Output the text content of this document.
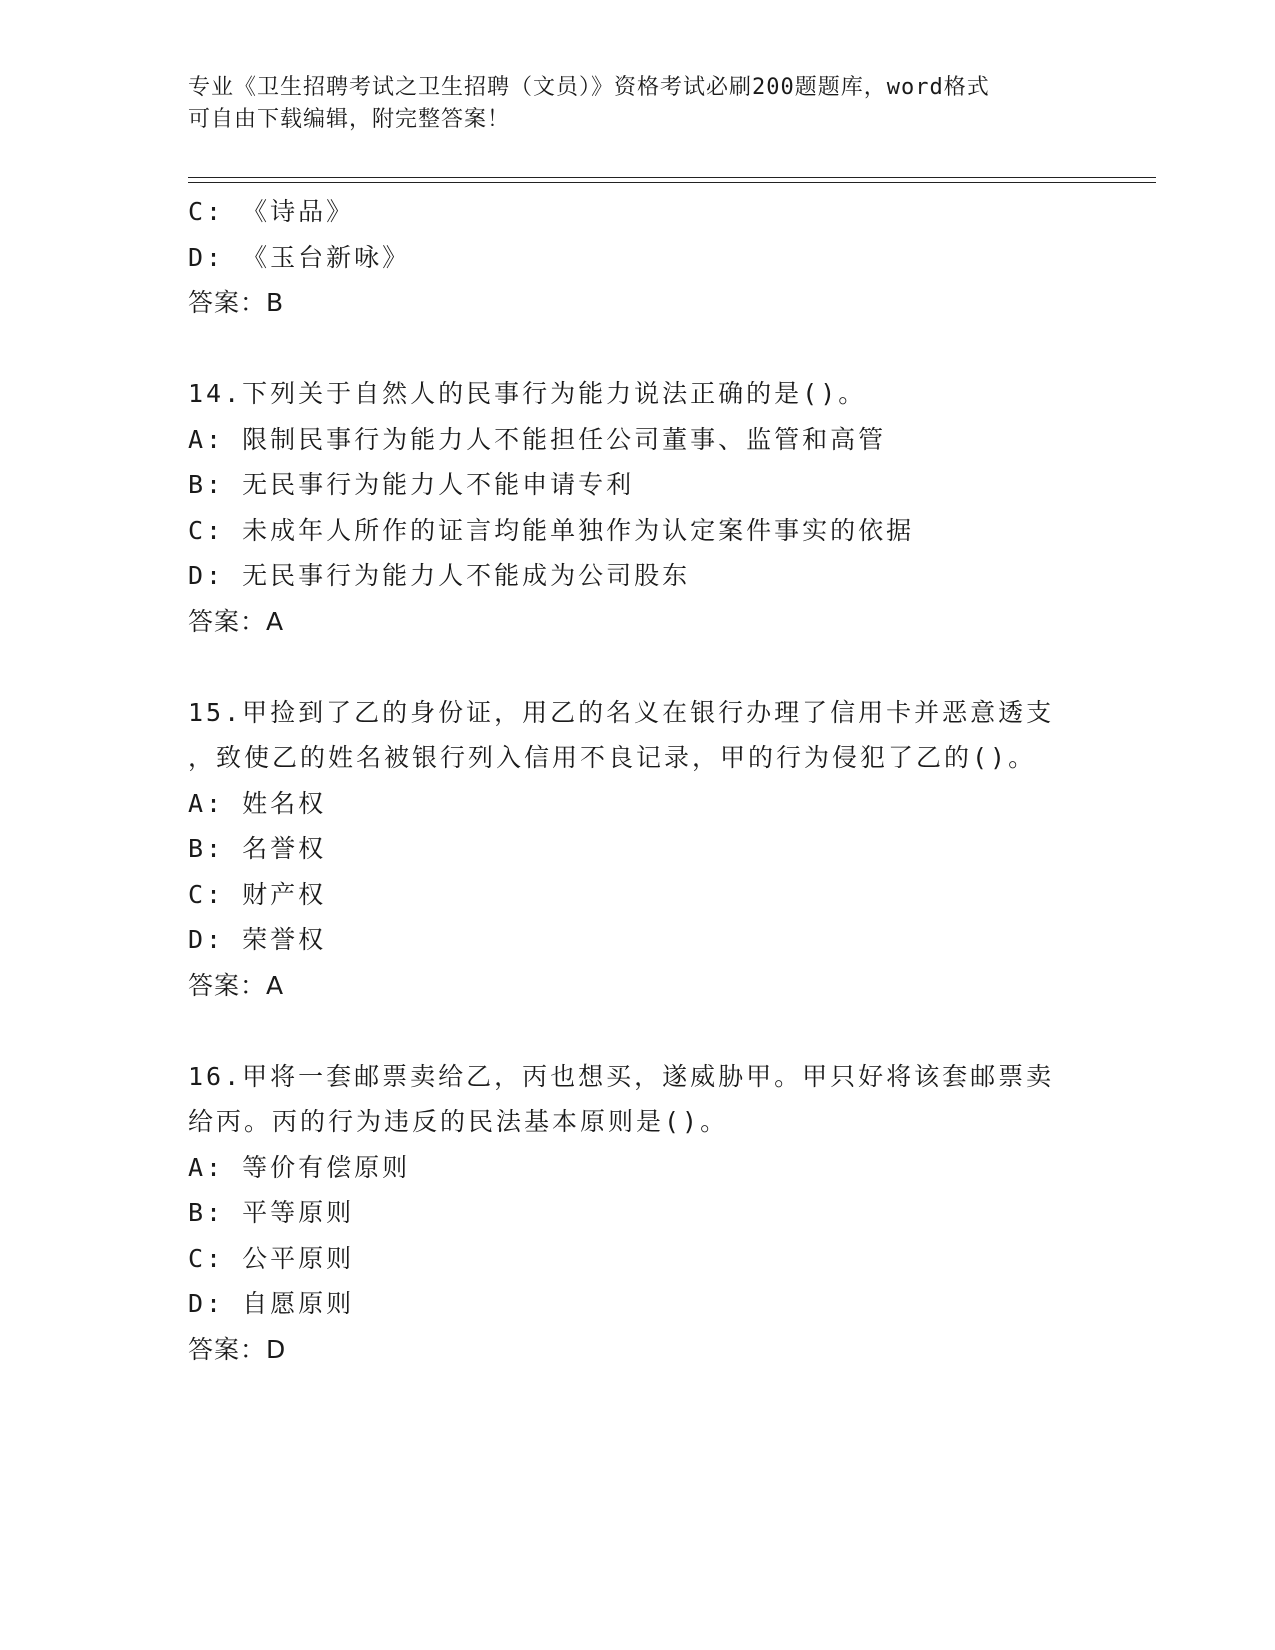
专业《卫生招聘考试之卫生招聘（文员）》资格考试必刷200题题库，word格式
可自由下载编辑，附完整答案！
C: 《诗品》
D: 《玉台新咏》
答案：B
14.下列关于自然人的民事行为能力说法正确的是()。
A: 限制民事行为能力人不能担任公司董事、监管和高管
B: 无民事行为能力人不能申请专利
C: 未成年人所作的证言均能单独作为认定案件事实的依据
D: 无民事行为能力人不能成为公司股东
答案：A
15.甲捡到了乙的身份证，用乙的名义在银行办理了信用卡并恶意透支
，致使乙的姓名被银行列入信用不良记录，甲的行为侵犯了乙的()。
A: 姓名权
B: 名誉权
C: 财产权
D: 荣誉权
答案：A
16.甲将一套邮票卖给乙，丙也想买，遂威胁甲。甲只好将该套邮票卖
给丙。丙的行为违反的民法基本原则是()。
A: 等价有偿原则
B: 平等原则
C: 公平原则
D: 自愿原则
答案：D
